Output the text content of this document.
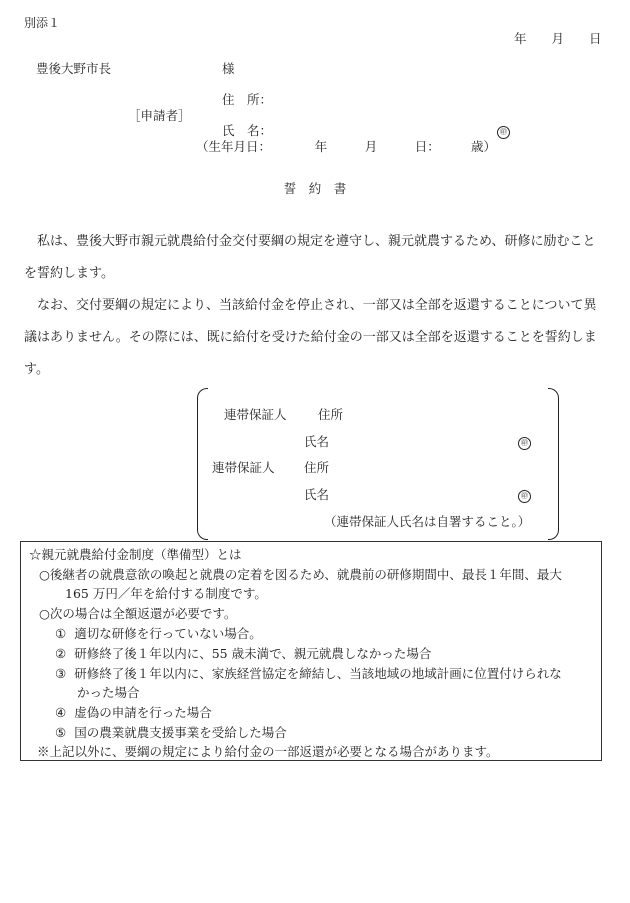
別添１
年　　月　　日
豊後大野市長	様
住　所：
［申請者］
氏　名：	㊞
（生年月日：　　　　年　　　月　　　日：　　　歳）
誓　約　書

私は、豊後大野市親元就農給付金交付要綱の規定を遵守し、親元就農するため、研修に励むことを誓約します。

なお、交付要綱の規定により、当該給付金を停止され、一部又は全部を返還することについて異議はありません。その際には、既に給付を受けた給付金の一部又は全部を返還することを誓約します。

連帯保証人	住所
氏名	㊞
連帯保証人 住所
氏名	㊞
（連帯保証人氏名は自署すること。）
☆親元就農給付金制度（準備型）とは
○後継者の就農意欲の喚起と就農の定着を図るため、就農前の研修期間中、最長１年間、最大
165 万円／年を給付する制度です。
○次の場合は全額返還が必要です。
① 適切な研修を行っていない場合。
② 研修終了後１年以内に、55 歳未満で、親元就農しなかった場合
③ 研修終了後１年以内に、家族経営協定を締結し、当該地域の地域計画に位置付けられな
かった場合
④ 虚偽の申請を行った場合
⑤ 国の農業就農支援事業を受給した場合
※上記以外に、要綱の規定により給付金の一部返還が必要となる場合があります。
